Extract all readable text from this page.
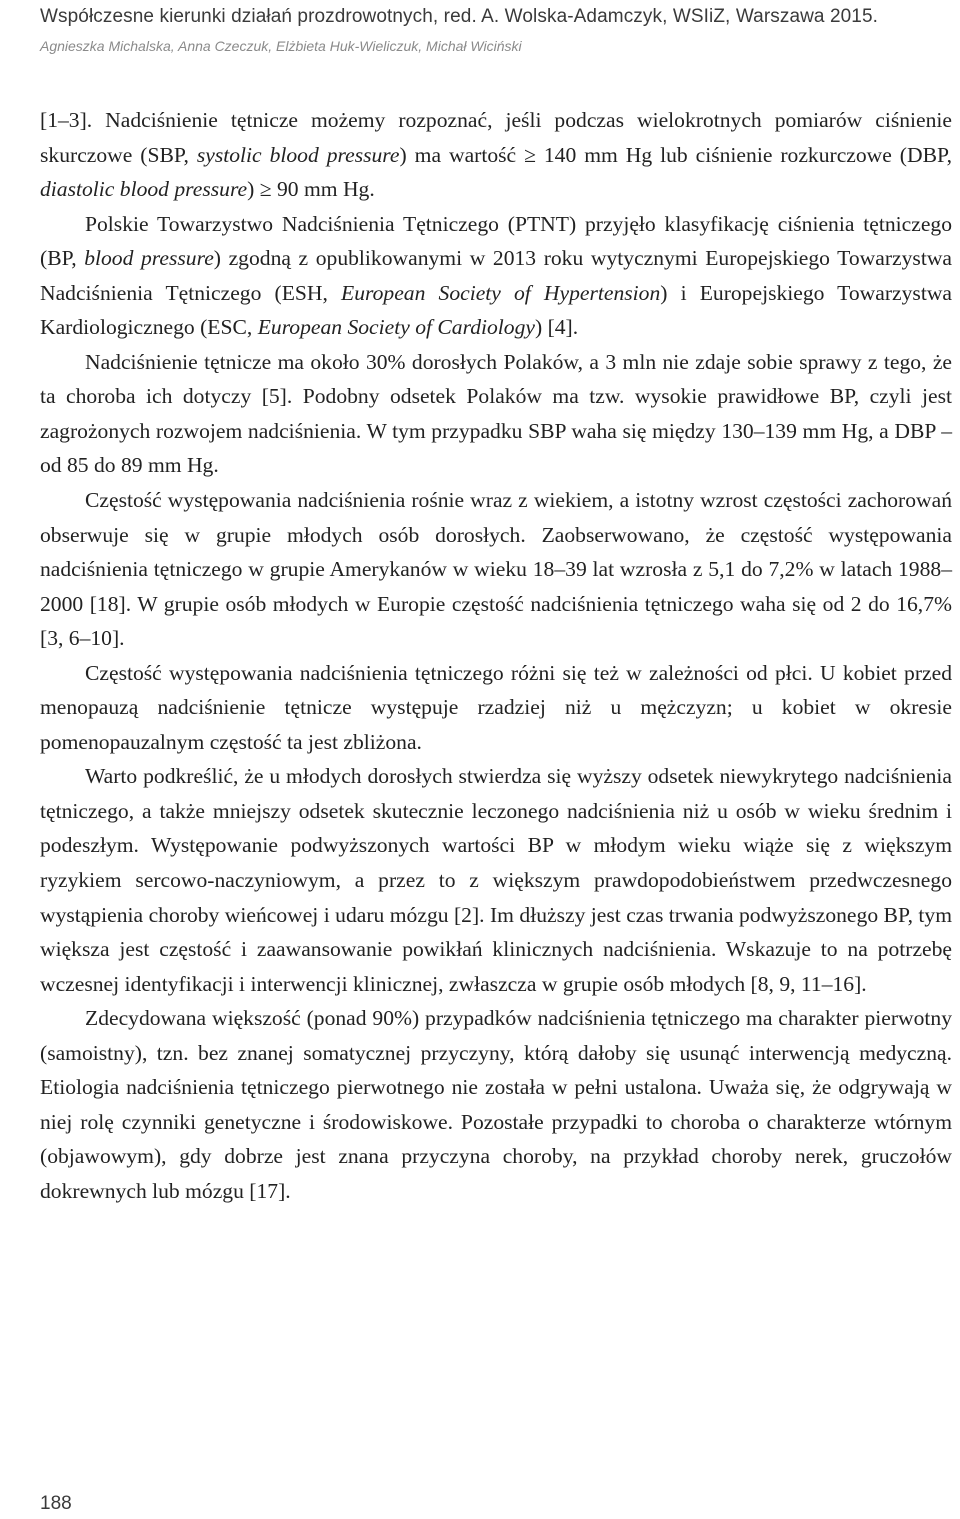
Współczesne kierunki działań prozdrowotnych, red. A. Wolska-Adamczyk, WSIiZ, Warszawa 2015.
Agnieszka Michalska, Anna Czeczuk, Elżbieta Huk-Wieliczuk, Michał Wiciński

[1–3]. Nadciśnienie tętnicze możemy rozpoznać, jeśli podczas wielokrotnych pomiarów ciśnienie skurczowe (SBP, systolic blood pressure) ma wartość ≥ 140 mm Hg lub ciśnienie rozkurczowe (DBP, diastolic blood pressure) ≥ 90 mm Hg.

Polskie Towarzystwo Nadciśnienia Tętniczego (PTNT) przyjęło klasyfikację ciśnienia tętniczego (BP, blood pressure) zgodną z opublikowanymi w 2013 roku wytycznymi Europejskiego Towarzystwa Nadciśnienia Tętniczego (ESH, European Society of Hypertension) i Europejskiego Towarzystwa Kardiologicznego (ESC, European Society of Cardiology) [4].

Nadciśnienie tętnicze ma około 30% dorosłych Polaków, a 3 mln nie zdaje sobie sprawy z tego, że ta choroba ich dotyczy [5]. Podobny odsetek Polaków ma tzw. wysokie prawidłowe BP, czyli jest zagrożonych rozwojem nadciśnienia. W tym przypadku SBP waha się między 130–139 mm Hg, a DBP – od 85 do 89 mm Hg.

Częstość występowania nadciśnienia rośnie wraz z wiekiem, a istotny wzrost częstości zachorowań obserwuje się w grupie młodych osób dorosłych. Zaobserwowano, że częstość występowania nadciśnienia tętniczego w grupie Amerykanów w wieku 18–39 lat wzrosła z 5,1 do 7,2% w latach 1988–2000 [18]. W grupie osób młodych w Europie częstość nadciśnienia tętniczego waha się od 2 do 16,7% [3, 6–10].

Częstość występowania nadciśnienia tętniczego różni się też w zależności od płci. U kobiet przed menopauzą nadciśnienie tętnicze występuje rzadziej niż u mężczyzn; u kobiet w okresie pomenopauzalnym częstość ta jest zbliżona.

Warto podkreślić, że u młodych dorosłych stwierdza się wyższy odsetek niewykrytego nadciśnienia tętniczego, a także mniejszy odsetek skutecznie leczonego nadciśnienia niż u osób w wieku średnim i podeszłym. Występowanie podwyższonych wartości BP w młodym wieku wiąże się z większym ryzykiem sercowo-naczyniowym, a przez to z większym prawdopodobieństwem przedwczesnego wystąpienia choroby wieńcowej i udaru mózgu [2]. Im dłuższy jest czas trwania podwyższonego BP, tym większa jest częstość i zaawansowanie powikłań klinicznych nadciśnienia. Wskazuje to na potrzebę wczesnej identyfikacji i interwencji klinicznej, zwłaszcza w grupie osób młodych [8, 9, 11–16].

Zdecydowana większość (ponad 90%) przypadków nadciśnienia tętniczego ma charakter pierwotny (samoistny), tzn. bez znanej somatycznej przyczyny, którą dałoby się usunąć interwencją medyczną. Etiologia nadciśnienia tętniczego pierwotnego nie została w pełni ustalona. Uważa się, że odgrywają w niej rolę czynniki genetyczne i środowiskowe. Pozostałe przypadki to choroba o charakterze wtórnym (objawowym), gdy dobrze jest znana przyczyna choroby, na przykład choroby nerek, gruczołów dokrewnych lub mózgu [17].

188
